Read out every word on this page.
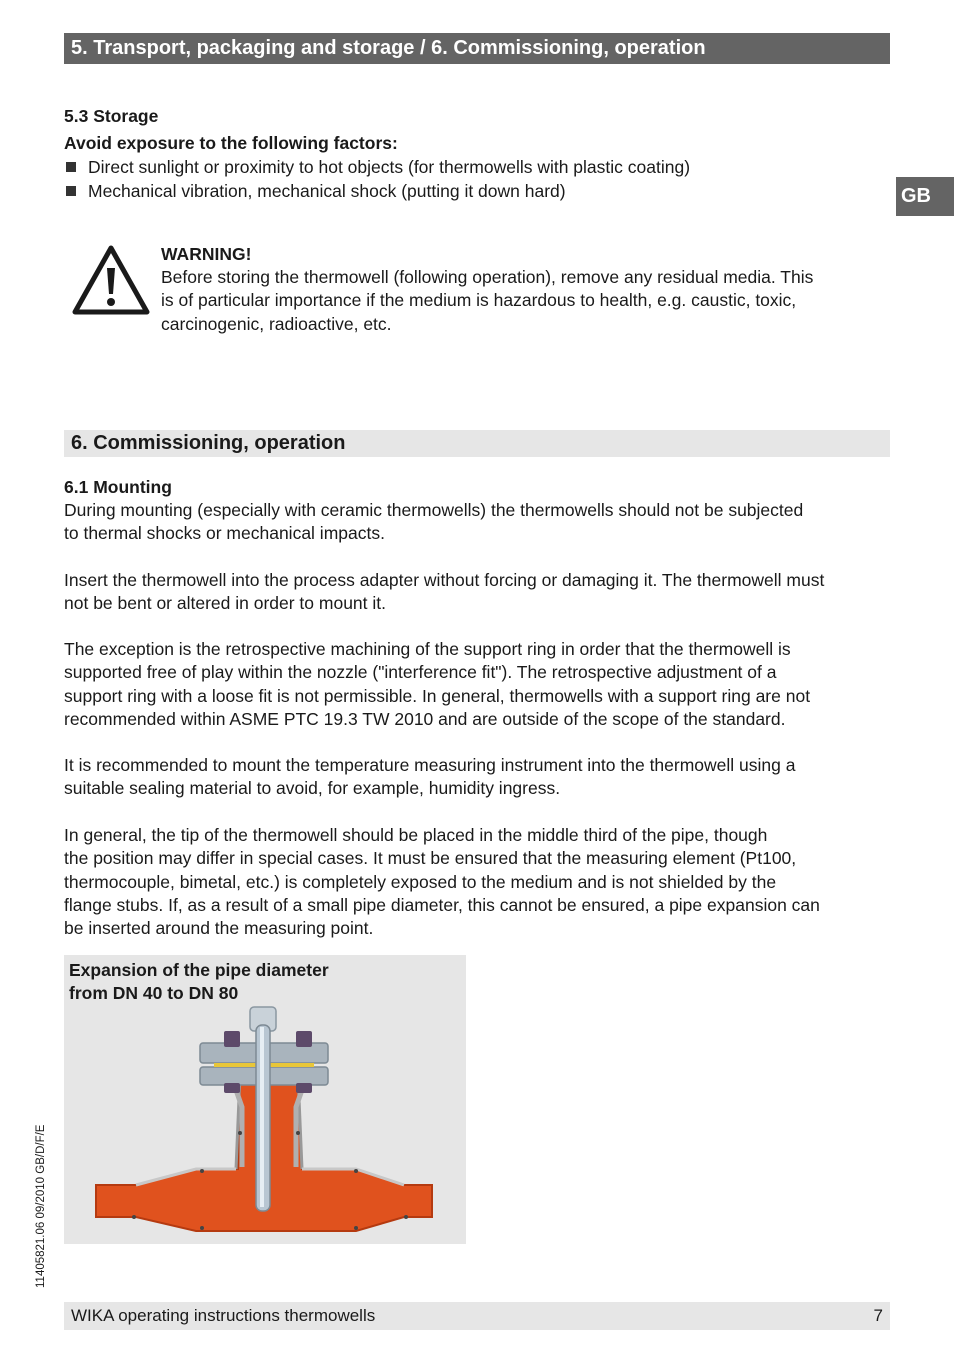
5. Transport, packaging and storage / 6. Commissioning, operation
GB
5.3 Storage
Avoid exposure to the following factors:
Direct sunlight or proximity to hot objects (for thermowells with plastic coating)
Mechanical vibration, mechanical shock (putting it down hard)
WARNING!
Before storing the thermowell (following operation), remove any residual media. This
is of particular importance if the medium is hazardous to health, e.g. caustic, toxic,
carcinogenic, radioactive, etc.
6. Commissioning, operation
6.1 Mounting
During mounting (especially with ceramic thermowells) the thermowells should not be subjected
to thermal shocks or mechanical impacts.
Insert the thermowell into the process adapter without forcing or damaging it. The thermowell must
not be bent or altered in order to mount it.
The exception is the retrospective machining of the support ring in order that the thermowell is
supported free of play within the nozzle ("interference fit"). The retrospective adjustment of a
support ring with a loose fit is not permissible. In general, thermowells with a support ring are not
recommended within ASME PTC 19.3 TW 2010 and are outside of the scope of the standard.
It is recommended to mount the temperature measuring instrument into the thermowell using a
suitable sealing material to avoid, for example, humidity ingress.
In general, the tip of the thermowell should be placed in the middle third of the pipe, though
the position may differ in special cases. It must be ensured that the measuring element (Pt100,
thermocouple, bimetal, etc.) is completely exposed to the medium and is not shielded by the
flange stubs. If, as a result of a small pipe diameter, this cannot be ensured, a pipe expansion can
be inserted around the measuring point.
Expansion of the pipe diameter
from DN 40 to DN 80
11405821.06 09/2010 GB/D/F/E
WIKA operating instructions thermowells	7
